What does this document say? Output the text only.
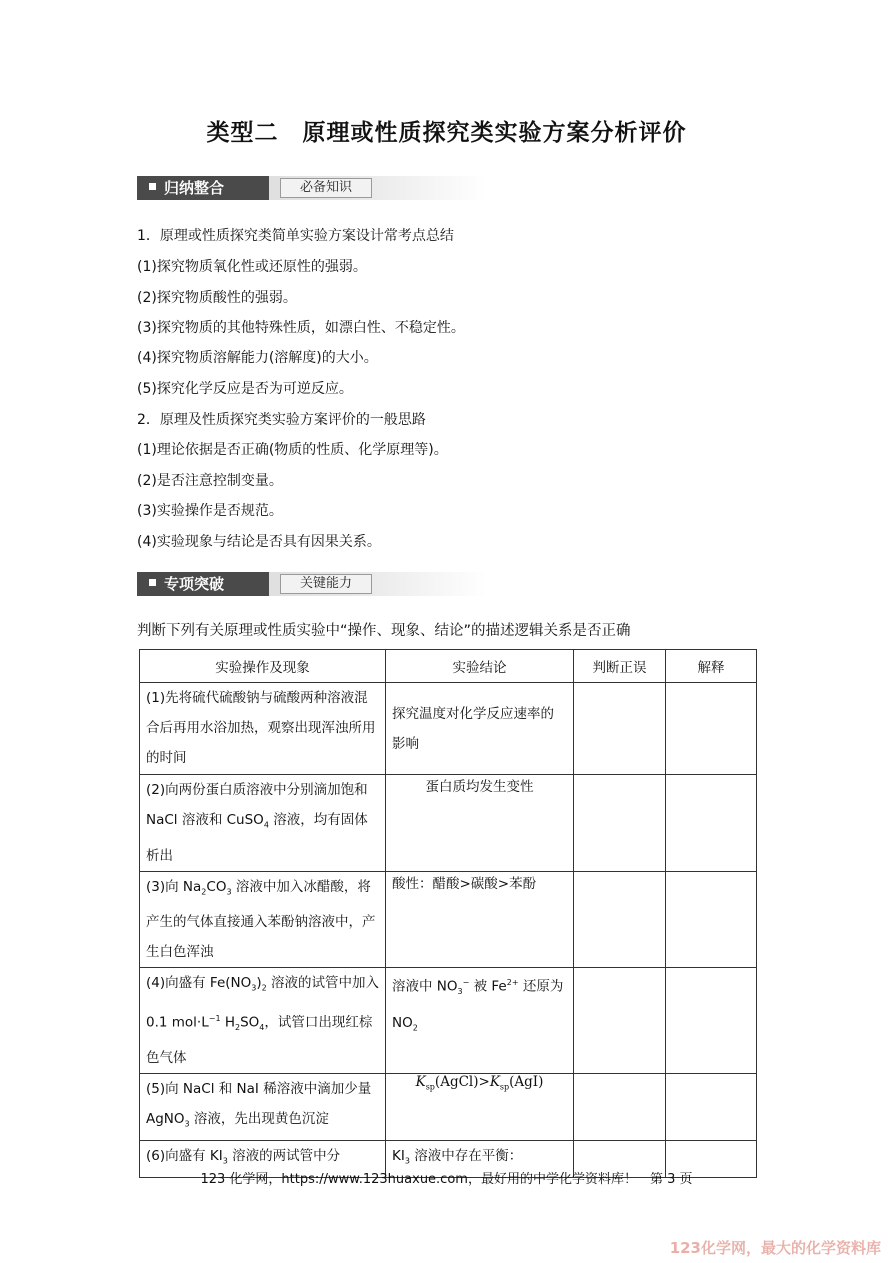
类型二　原理或性质探究类实验方案分析评价
归纳整合	必备知识
1．原理或性质探究类简单实验方案设计常考点总结
(1)探究物质氧化性或还原性的强弱。
(2)探究物质酸性的强弱。
(3)探究物质的其他特殊性质，如漂白性、不稳定性。
(4)探究物质溶解能力(溶解度)的大小。
(5)探究化学反应是否为可逆反应。
2．原理及性质探究类实验方案评价的一般思路
(1)理论依据是否正确(物质的性质、化学原理等)。
(2)是否注意控制变量。
(3)实验操作是否规范。
(4)实验现象与结论是否具有因果关系。
专项突破	关键能力
判断下列有关原理或性质实验中“操作、现象、结论”的描述逻辑关系是否正确
实验操作及现象	实验结论	判断正误	解释
(1)先将硫代硫酸钠与硫酸两种溶液混合后再用水浴加热，观察出现浑浊所用的时间	探究温度对化学反应速率的影响		
(2)向两份蛋白质溶液中分别滴加饱和 NaCl 溶液和 CuSO$_4$ 溶液，均有固体析出	蛋白质均发生变性		
(3)向 $Na_2CO_3$ 溶液中加入冰醋酸，将产生的气体直接通入苯酚钠溶液中，产生白色浑浊	酸性：醋酸>碳酸>苯酚		
(4)向盛有 $Fe(NO_3)_2$ 溶液的试管中加入 0.1 $mol\cdot L^{-1}$ $H_2SO_4$，试管口出现红棕色气体	溶液中 $NO_3^-$ 被 $Fe^{2+}$ 还原为 $NO_2$		
(5)向 NaCl 和 NaI 稀溶液中滴加少量 AgNO$_3$ 溶液，先出现黄色沉淀	$K_{sp}(AgCl)>K_{sp}(AgI)$		
(6)向盛有 $KI_3$ 溶液的两试管中分	$KI_3$ 溶液中存在平衡：		
123 化学网，https://www.123huaxue.com，最好用的中学化学资料库！　第 3 页
123化学网，最大的化学资料库
